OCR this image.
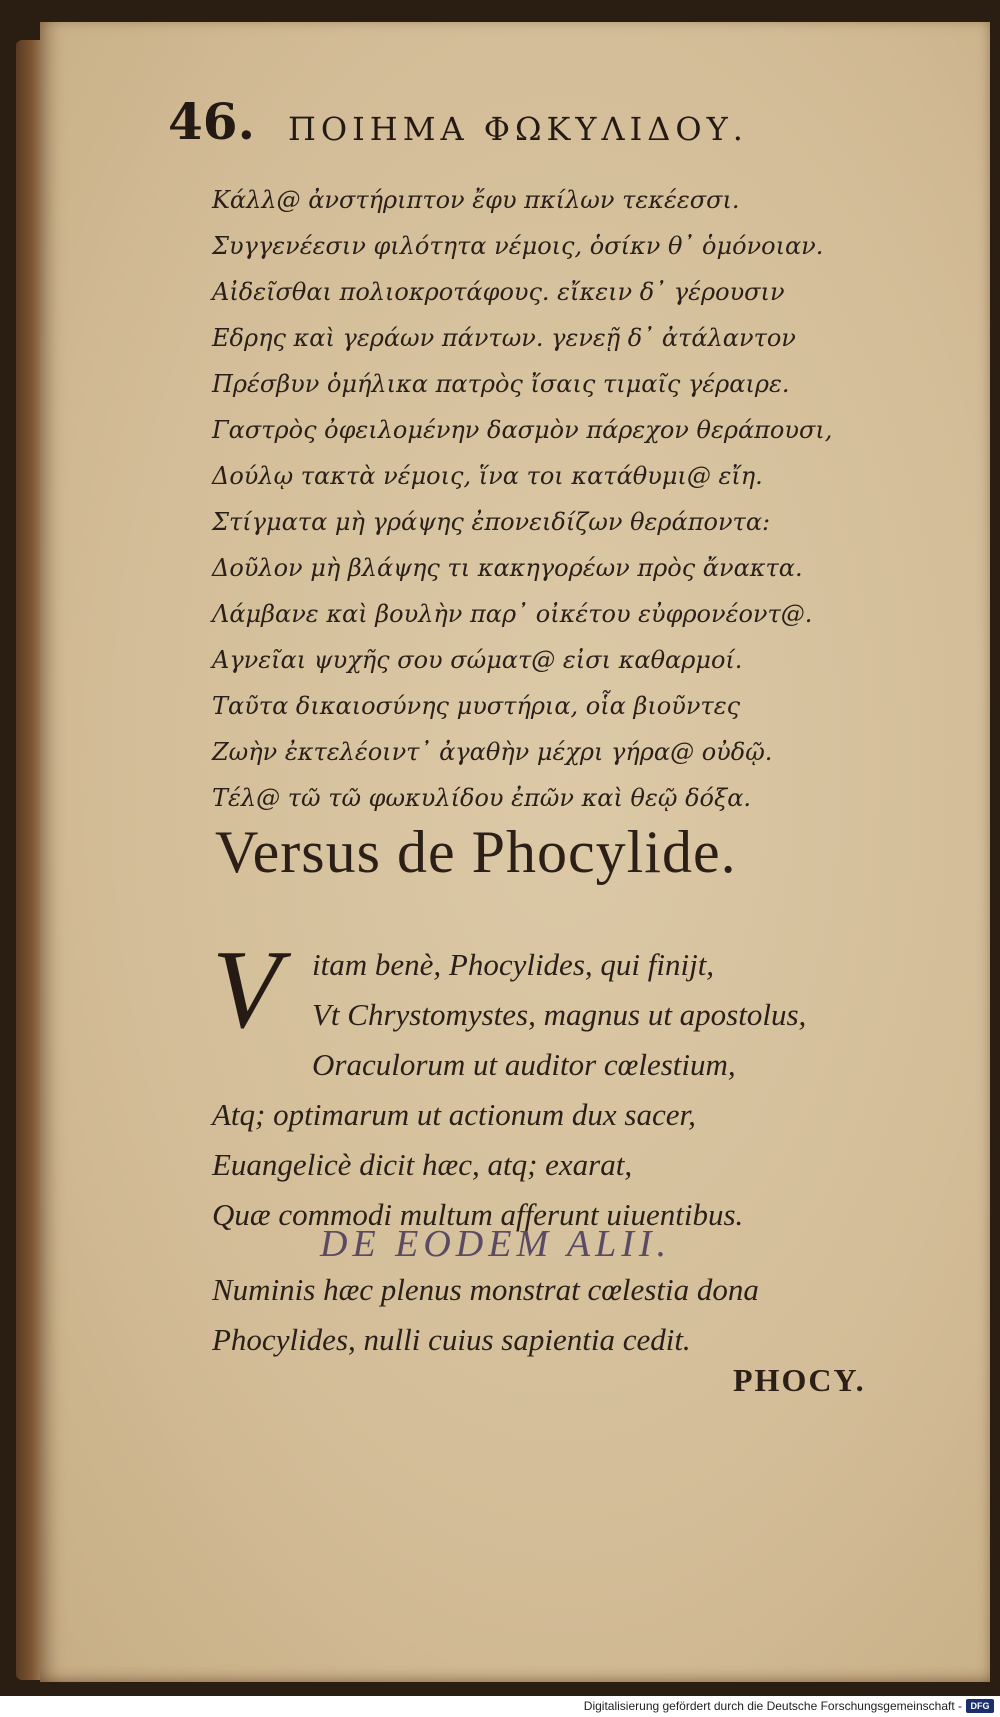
46. ΠΟΙΗΜΑ ΦΩΚΥΛΙΔΟΥ.
Κάλλ@ ἀνστήριπτον ἔφυ πκίλων τεκέεσσι.
Συγγενέεσιν φιλότητα νέμοις, ὁσίκν θ᾽ ὁμόνοιαν.
Αἰδεῖσθαι πολιοκροτάφους. εἴκειν δ᾽ γέρουσιν
Εδρης καὶ γεράων πάντων. γενεῇ δ᾽ ἀτάλαντον
Πρέσβυν ὁμήλικα πατρὸς ἴσαις τιμαῖς γέραιρε.
Γαστρὸς ὀφειλομένην δασμὸν πάρεχον θεράπουσι,
Δούλῳ τακτὰ νέμοις, ἵνα τοι κατάθυμι@ εἴη.
Στίγματα μὴ γράψης ἐπονειδίζων θεράποντα:
Δοῦλον μὴ βλάψης τι κακηγορέων πρὸς ἄνακτα.
Λάμβανε καὶ βουλὴν παρ᾽ οἰκέτου εὐφρονέοντ@.
Αγνεῖαι ψυχῆς σου σώματ@ εἰσι καθαρμοί.
Ταῦτα δικαιοσύνης μυστήρια, οἷα βιοῦντες
Ζωὴν ἐκτελέοιντ᾽ ἀγαθὴν μέχρι γήρα@ οὐδῷ.
Τέλ@ τῶ τῶ φωκυλίδου ἐπῶν καὶ θεῷ δόξα.
Versus de Phocylide.
V	itam benè, Phocylides, qui finijt,
Vt Chrystomystes, magnus ut apostolus,
Oraculorum ut auditor cœlestium,
Atq; optimarum ut actionum dux sacer,
Euangelicè dicit hæc, atq; exarat,
Quæ commodi multum afferunt uiuentibus.
DE EODEM ALII.
Numinis hæc plenus monstrat cœlestia dona
Phocylides, nulli cuius sapientia cedit.
PHOCY.
Digitalisierung gefördert durch die Deutsche Forschungsgemeinschaft - DFG
